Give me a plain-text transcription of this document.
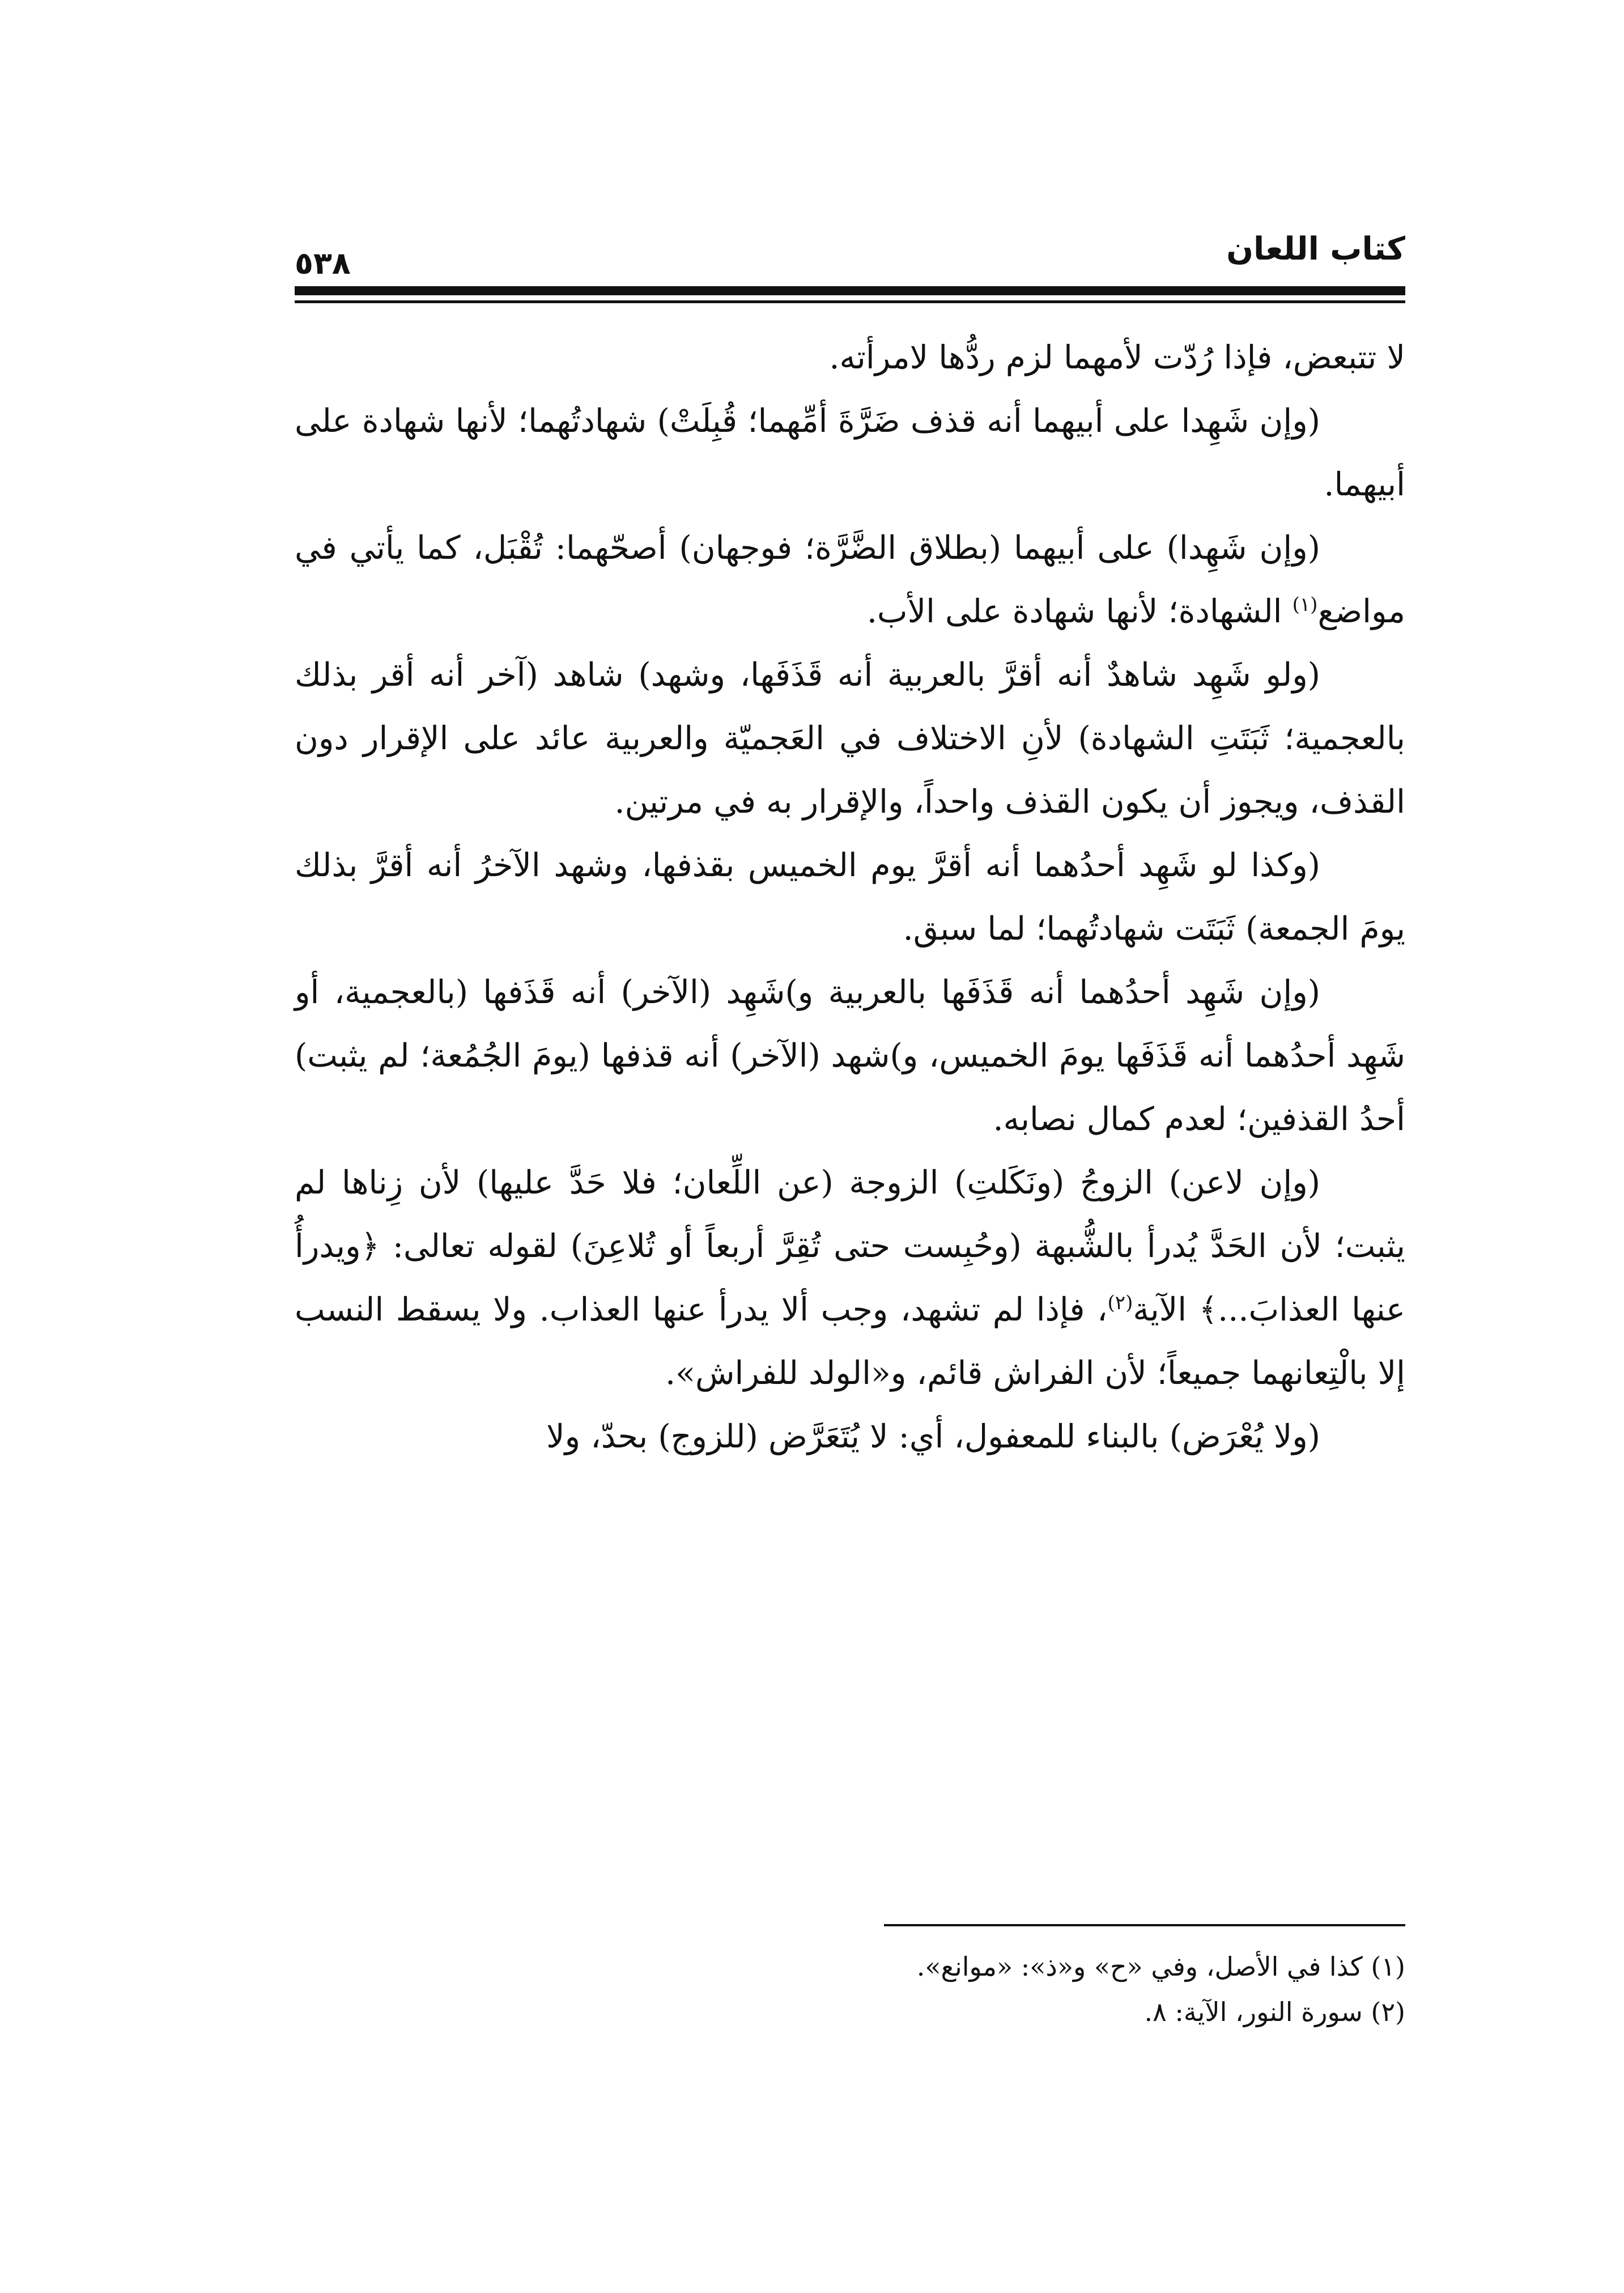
كتاب اللعان
٥٣٨

لا تتبعض، فإذا رُدّت لأمهما لزم ردُّها لامرأته.

(وإن شَهِدا على أبيهما أنه قذف ضَرَّةَ أمِّهما؛ قُبِلَتْ) شهادتُهما؛ لأنها شهادة على أبيهما.

(وإن شَهِدا) على أبيهما (بطلاق الضَّرَّة؛ فوجهان) أصحّهما: تُقْبَل، كما يأتي في مواضع$^{(١)}$ الشهادة؛ لأنها شهادة على الأب.

(ولو شَهِد شاهدٌ أنه أقرَّ بالعربية أنه قَذَفَها، وشهد) شاهد (آخر أنه أقر بذلك بالعجمية؛ ثَبَتَتِ الشهادة) لأنِ الاختلاف في العَجميّة والعربية عائد على الإقرار دون القذف، ويجوز أن يكون القذف واحداً، والإقرار به في مرتين.

(وكذا لو شَهِد أحدُهما أنه أقرَّ يوم الخميس بقذفها، وشهد الآخرُ أنه أقرَّ بذلك يومَ الجمعة) ثَبَتَت شهادتُهما؛ لما سبق.

(وإن شَهِد أحدُهما أنه قَذَفَها بالعربية و)شَهِد (الآخر) أنه قَذَفها (بالعجمية، أو شَهِد أحدُهما أنه قَذَفَها يومَ الخميس، و)شهد (الآخر) أنه قذفها (يومَ الجُمُعة؛ لم يثبت) أحدُ القذفين؛ لعدم كمال نصابه.

(وإن لاعن) الزوجُ (ونَكَلتِ) الزوجة (عن اللِّعان؛ فلا حَدَّ عليها) لأن زِناها لم يثبت؛ لأن الحَدَّ يُدرأ بالشُّبهة (وحُبِست حتى تُقِرَّ أربعاً أو تُلاعِنَ) لقوله تعالى: ﴿ويدرأُ عنها العذابَ...﴾ الآية$^{(٢)}$، فإذا لم تشهد، وجب ألا يدرأ عنها العذاب. ولا يسقط النسب إلا بالْتِعانهما جميعاً؛ لأن الفراش قائم، و«الولد للفراش».

(ولا يُعْرَض) بالبناء للمعفول، أي: لا يُتَعَرَّض (للزوج) بحدّ، ولا

(١) كذا في الأصل، وفي «ح» و«ذ»: «موانع».

(٢) سورة النور، الآية: ٨.
